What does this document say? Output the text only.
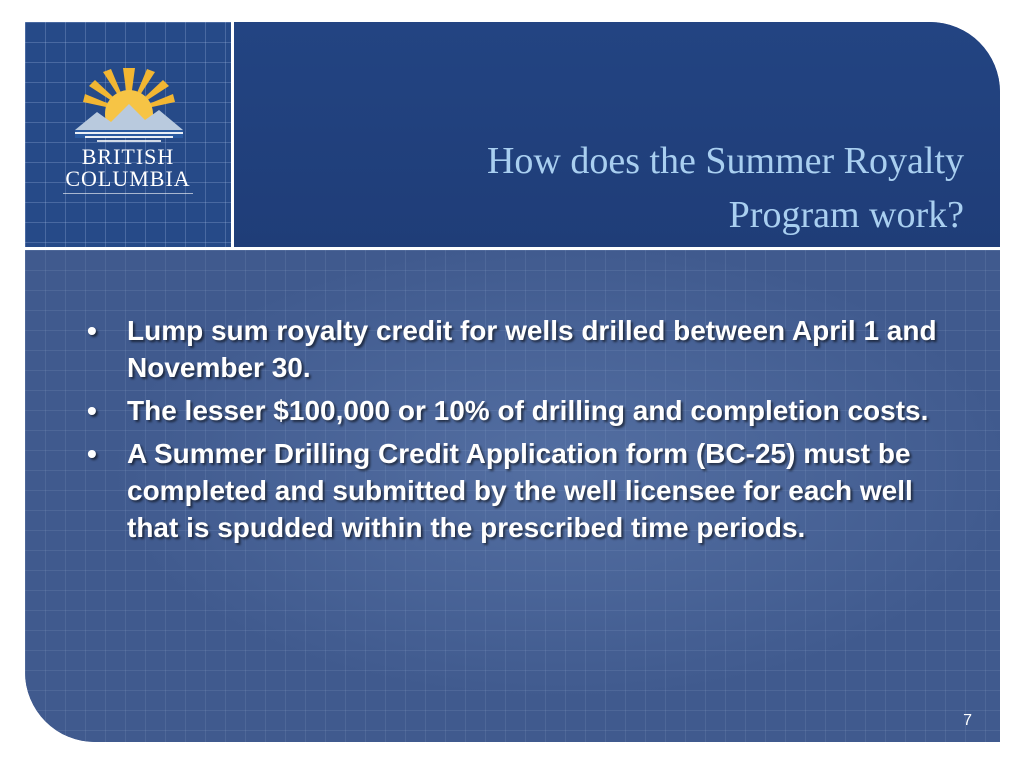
BRITISH
COLUMBIA	How does the Summer Royalty
Program work?
• Lump sum royalty credit for wells drilled between April 1 and November 30.
• The lesser $100,000 or 10% of drilling and completion costs.
• A Summer Drilling Credit Application form (BC-25) must be completed and submitted by the well licensee for each well that is spudded within the prescribed time periods.
7
